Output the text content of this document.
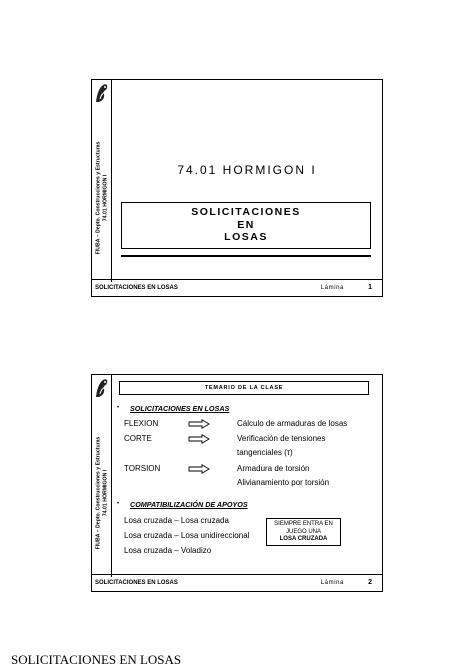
FIUBA – Depto. Construcciones y Estructuras 74.01 HORMIGON I
74.01 HORMIGON I
SOLICITACIONES
EN
LOSAS
SOLICITACIONES EN LOSAS	Lámina	1
FIUBA – Depto. Construcciones y Estructuras 74.01 HORMIGON I
TEMARIO DE LA CLASE
• SOLICITACIONES EN LOSAS
FLEXION	Cálculo de armaduras de losas
CORTE	Verificación de tensiones
tangenciales (τ)
TORSION	Armadura de torsión
Alivianamiento por torsión
• COMPATIBILIZACIÓN DE APOYOS
Losa cruzada – Losa cruzada
Losa cruzada – Losa unidireccional
Losa cruzada – Voladizo
SIEMPRE ENTRA EN
JUEGO UNA
LOSA CRUZADA
SOLICITACIONES EN LOSAS	Lámina	2
SOLICITACIONES EN LOSAS
